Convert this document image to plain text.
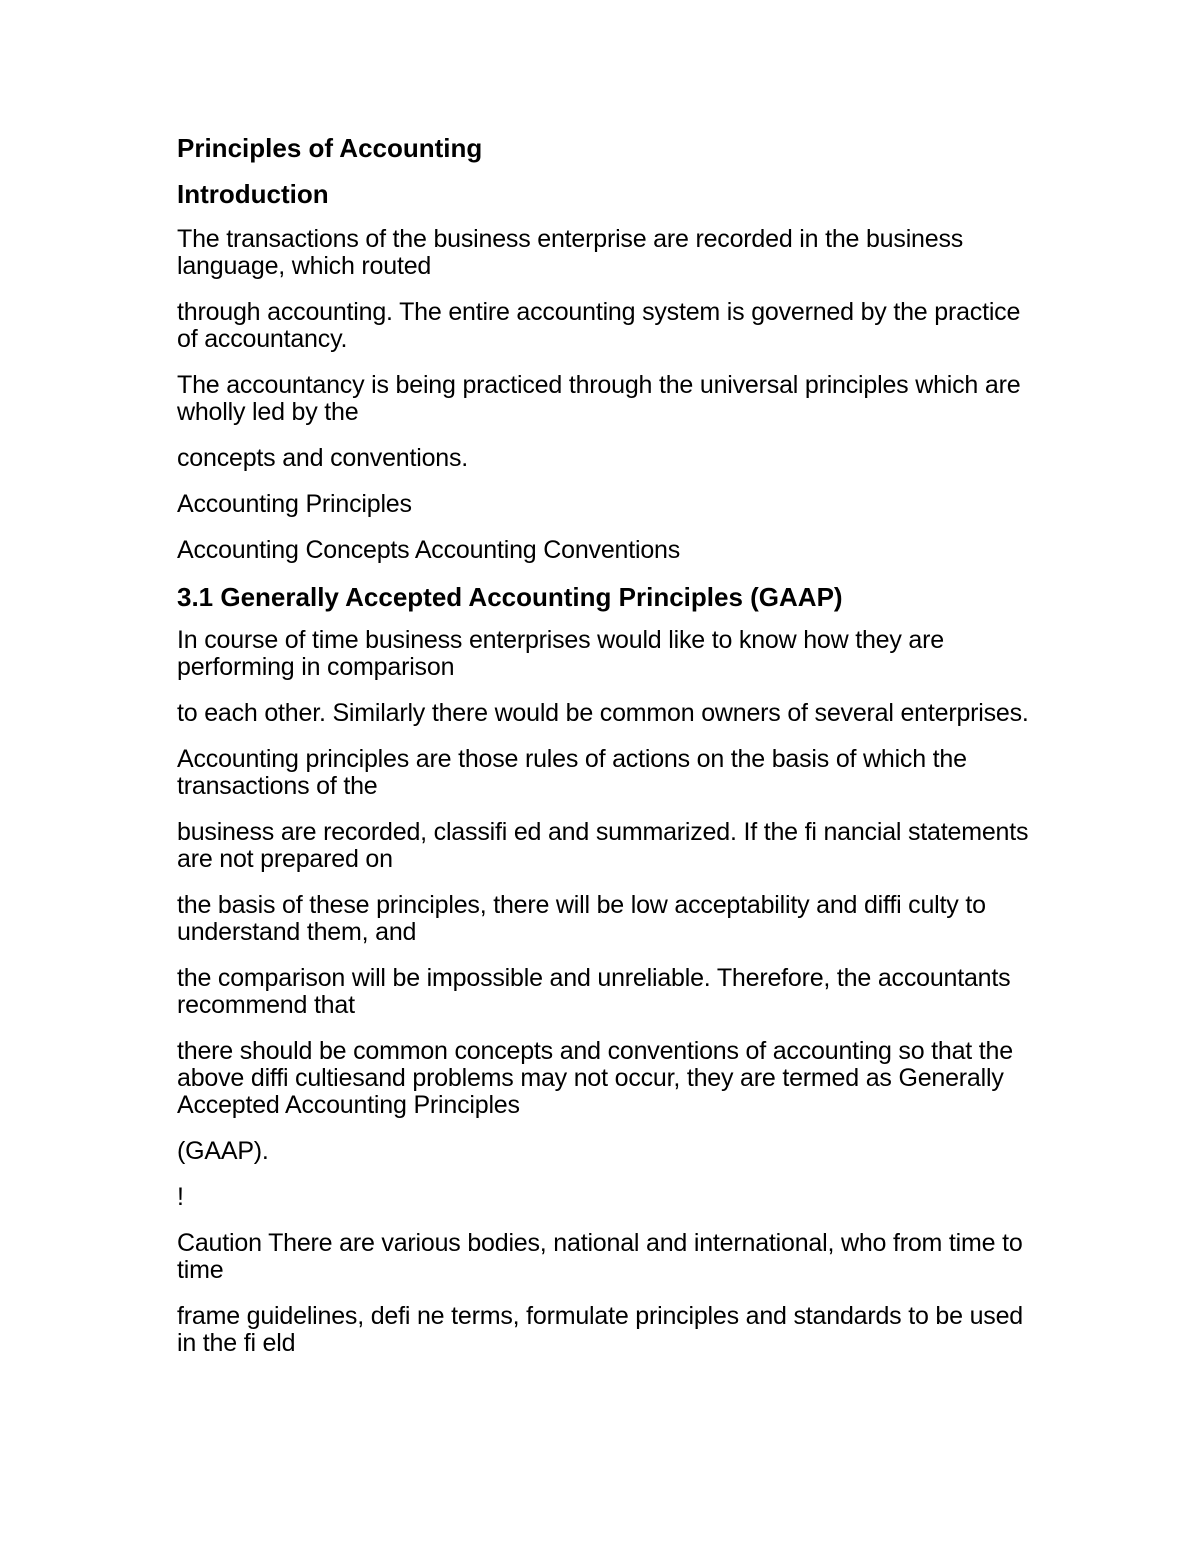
Principles of Accounting

Introduction

The transactions of the business enterprise are recorded in the business language, which routed

through accounting. The entire accounting system is governed by the practice of accountancy.

The accountancy is being practiced through the universal principles which are wholly led by the

concepts and conventions.

Accounting Principles

Accounting Concepts Accounting Conventions

3.1 Generally Accepted Accounting Principles (GAAP)

In course of time business enterprises would like to know how they are performing in comparison

to each other. Similarly there would be common owners of several enterprises.

Accounting principles are those rules of actions on the basis of which the transactions of the

business are recorded, classifi ed and summarized. If the fi nancial statements are not prepared on

the basis of these principles, there will be low acceptability and diffi culty to understand them, and

the comparison will be impossible and unreliable. Therefore, the accountants recommend that

there should be common concepts and conventions of accounting so that the above diffi cultiesand problems may not occur, they are termed as Generally Accepted Accounting Principles

(GAAP).

!

Caution There are various bodies, national and international, who from time to time

frame guidelines, defi ne terms, formulate principles and standards to be used in the fi eld
